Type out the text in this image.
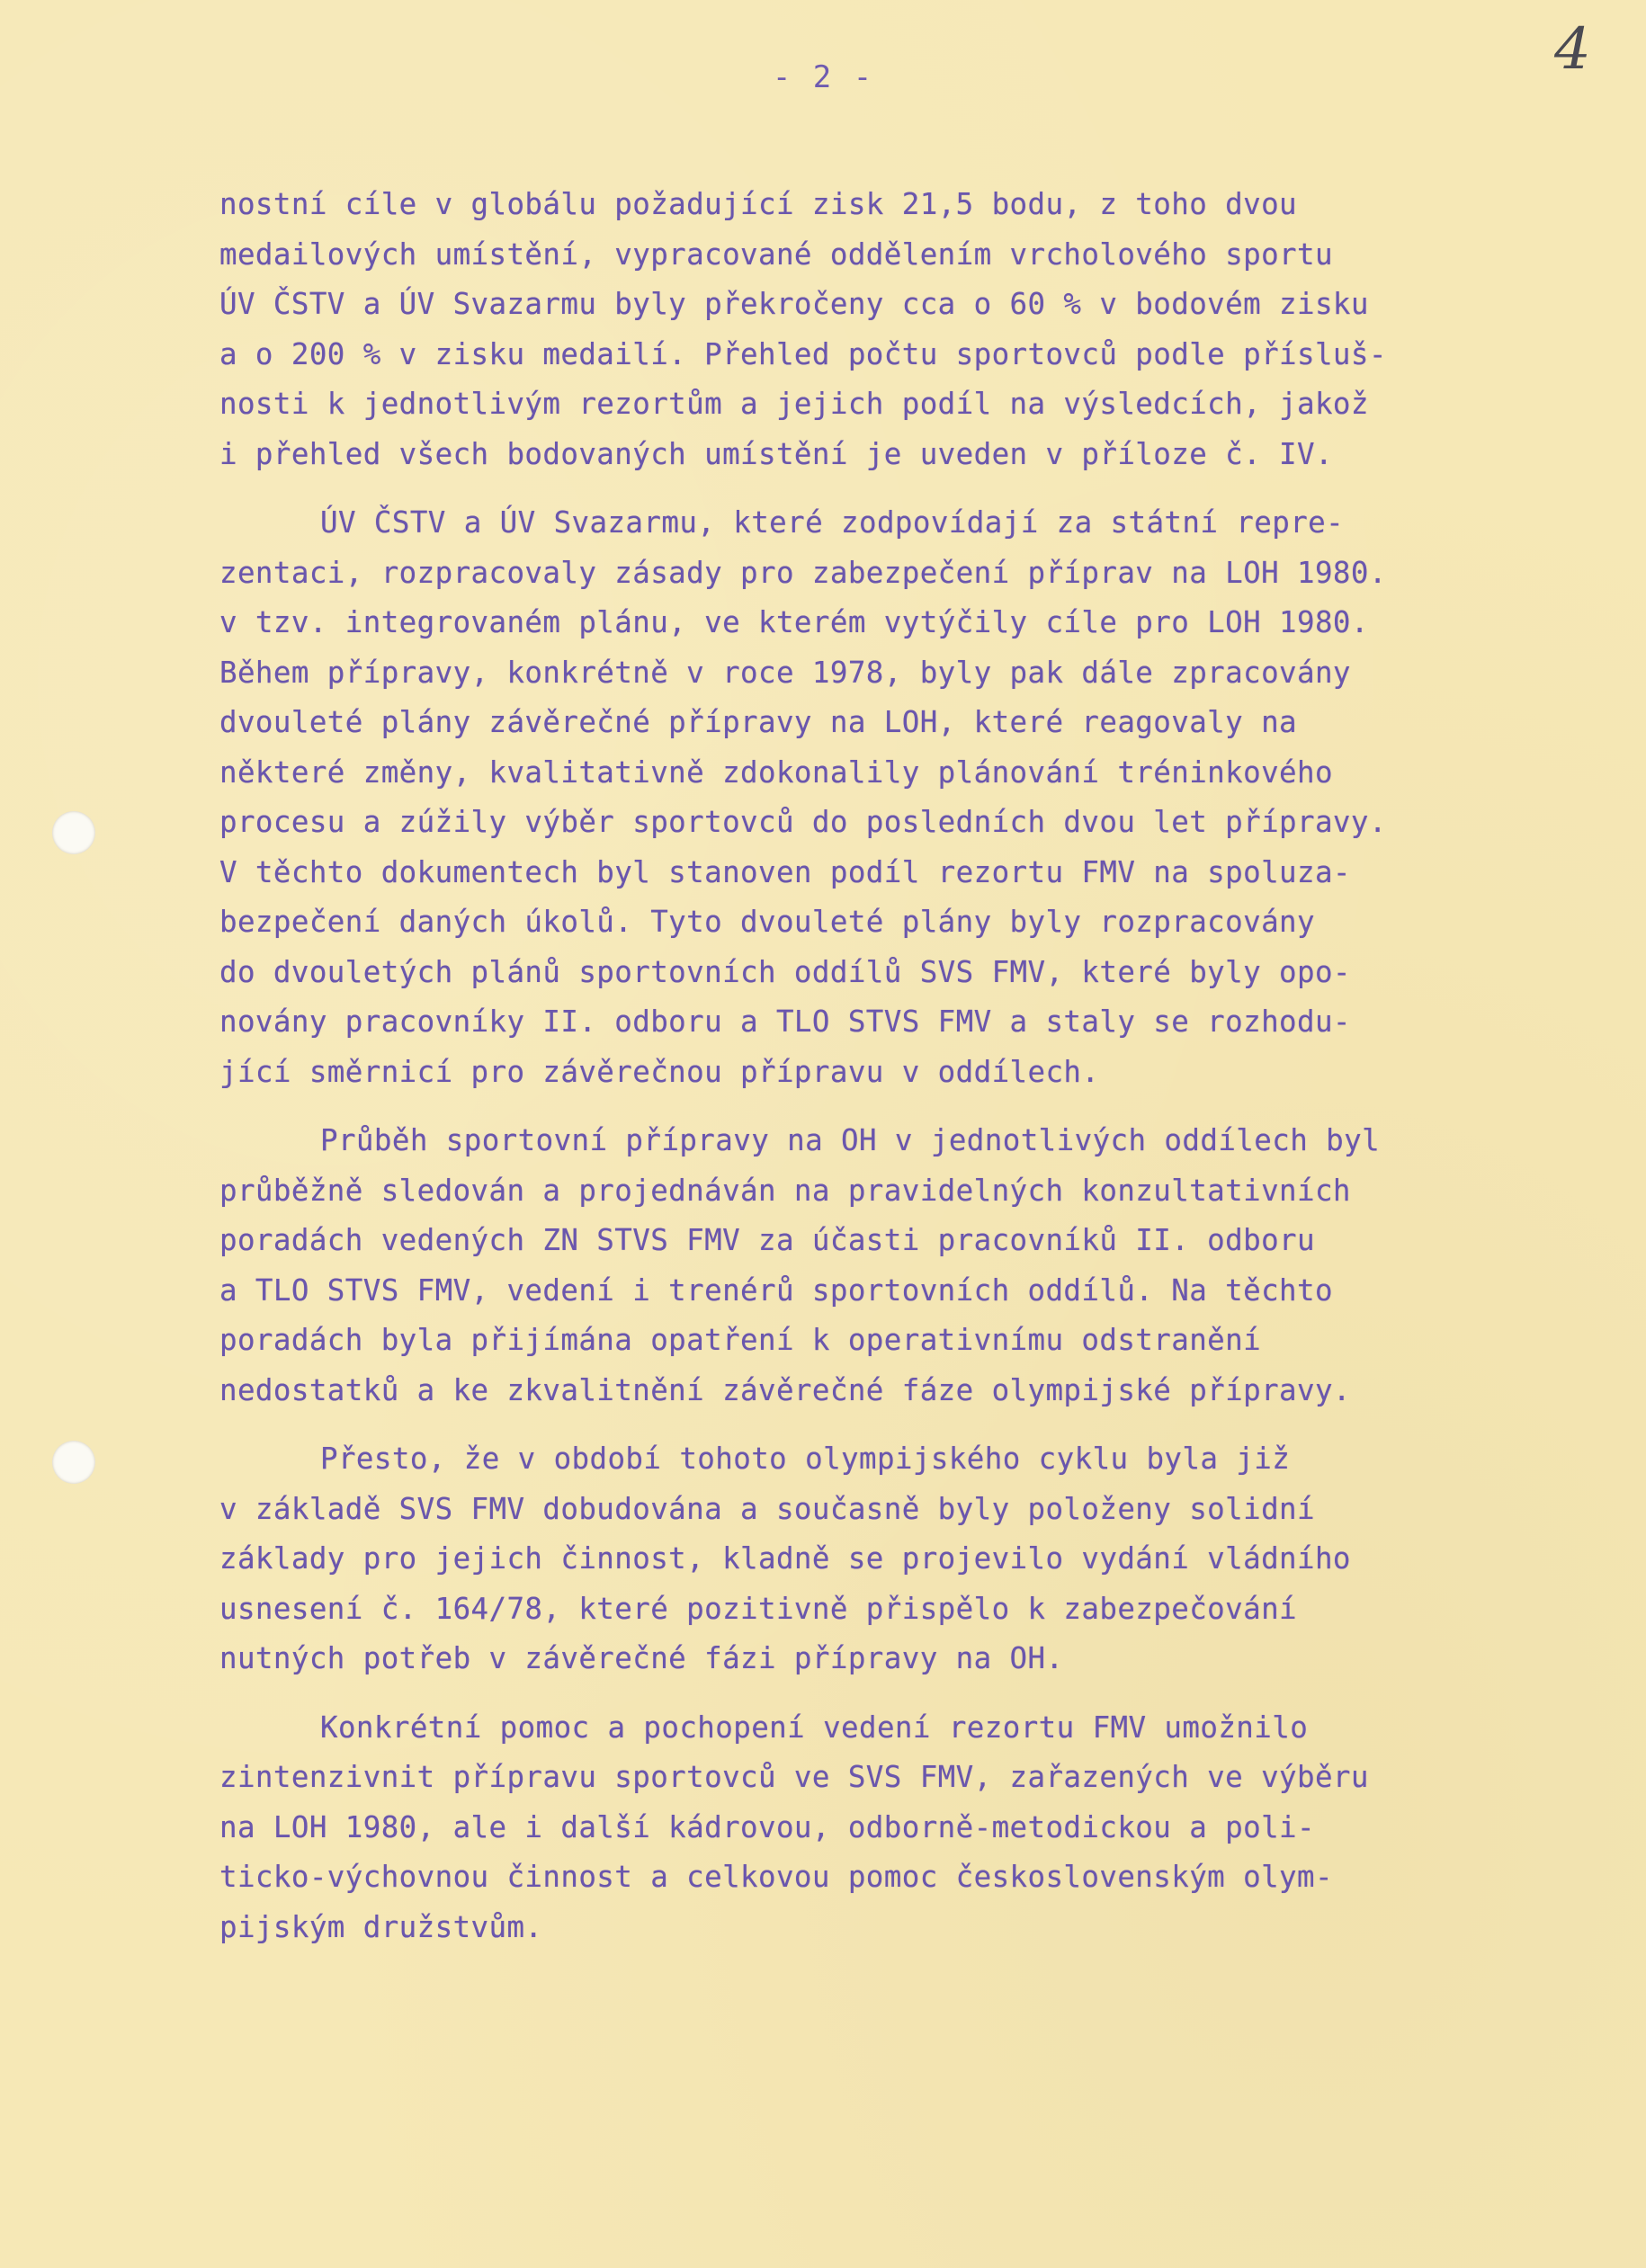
4
- 2 -
nostní cíle v globálu požadující zisk 21,5 bodu, z toho dvou
medailových umístění, vypracované oddělením vrcholového sportu
ÚV ČSTV a ÚV Svazarmu byly překročeny cca o 60 % v bodovém zisku
a o 200 % v zisku medailí. Přehled počtu sportovců podle přísluš-
nosti k jednotlivým rezortům a jejich podíl na výsledcích, jakož
i přehled všech bodovaných umístění je uveden v příloze č. IV.
ÚV ČSTV a ÚV Svazarmu, které zodpovídají za státní repre-
zentaci, rozpracovaly zásady pro zabezpečení příprav na LOH 1980.
v tzv. integrovaném plánu, ve kterém vytýčily cíle pro LOH 1980.
Během přípravy, konkrétně v roce 1978, byly pak dále zpracovány
dvouleté plány závěrečné přípravy na LOH, které reagovaly na
některé změny, kvalitativně zdokonalily plánování tréninkového
procesu a zúžily výběr sportovců do posledních dvou let přípravy.
V těchto dokumentech byl stanoven podíl rezortu FMV na spoluza-
bezpečení daných úkolů. Tyto dvouleté plány byly rozpracovány
do dvouletých plánů sportovních oddílů SVS FMV, které byly opo-
novány pracovníky II. odboru a TLO STVS FMV a staly se rozhodu-
jící směrnicí pro závěrečnou přípravu v oddílech.
Průběh sportovní přípravy na OH v jednotlivých oddílech byl
průběžně sledován a projednáván na pravidelných konzultativních
poradách vedených ZN STVS FMV za účasti pracovníků II. odboru
a TLO STVS FMV, vedení i trenérů sportovních oddílů. Na těchto
poradách byla přijímána opatření k operativnímu odstranění
nedostatků a ke zkvalitnění závěrečné fáze olympijské přípravy.
Přesto, že v období tohoto olympijského cyklu byla již
v základě SVS FMV dobudována a současně byly položeny solidní
základy pro jejich činnost, kladně se projevilo vydání vládního
usnesení č. 164/78, které pozitivně přispělo k zabezpečování
nutných potřeb v závěrečné fázi přípravy na OH.
Konkrétní pomoc a pochopení vedení rezortu FMV umožnilo
zintenzivnit přípravu sportovců ve SVS FMV, zařazených ve výběru
na LOH 1980, ale i další kádrovou, odborně-metodickou a poli-
ticko-výchovnou činnost a celkovou pomoc československým olym-
pijským družstvům.
